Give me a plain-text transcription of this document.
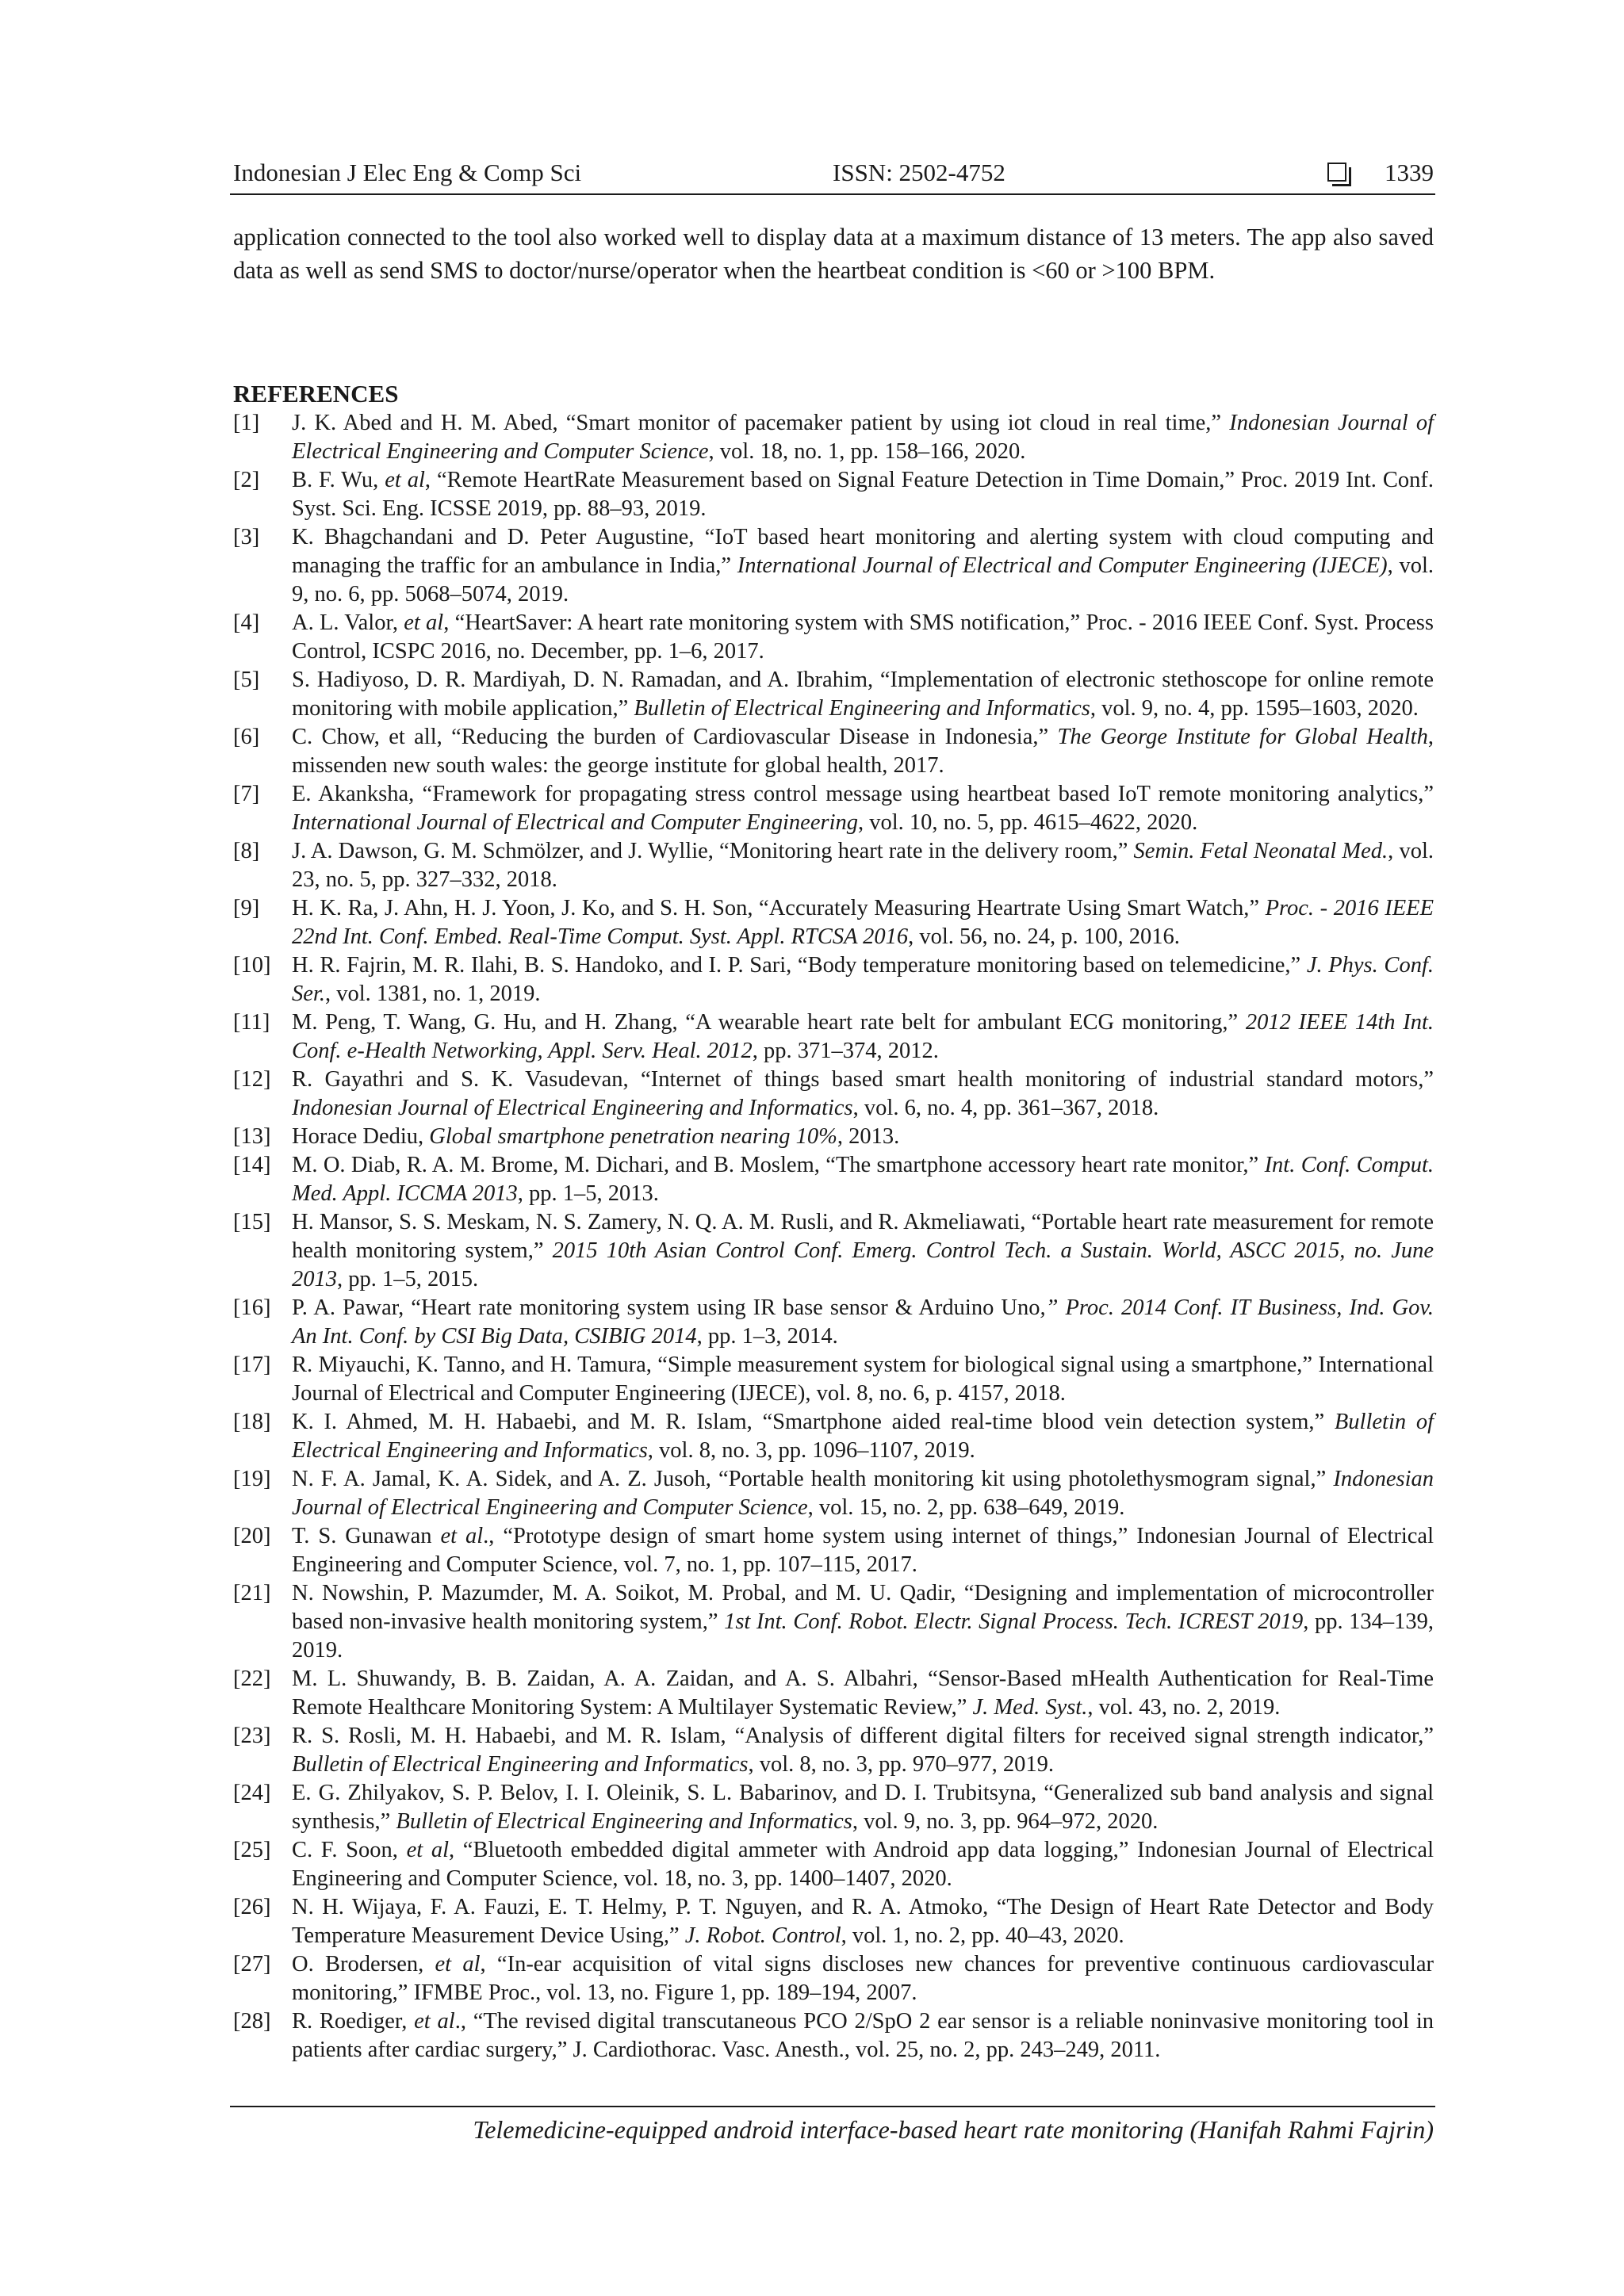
Indonesian J Elec Eng & Comp Sci	ISSN: 2502-4752	1339

application connected to the tool also worked well to display data at a maximum distance of 13 meters. The app also saved data as well as send SMS to doctor/nurse/operator when the heartbeat condition is <60 or >100 BPM.

REFERENCES
[1]	J. K. Abed and H. M. Abed, “Smart monitor of pacemaker patient by using iot cloud in real time,” Indonesian Journal of Electrical Engineering and Computer Science, vol. 18, no. 1, pp. 158–166, 2020.
[2]	B. F. Wu, et al, “Remote HeartRate Measurement based on Signal Feature Detection in Time Domain,” Proc. 2019 Int. Conf. Syst. Sci. Eng. ICSSE 2019, pp. 88–93, 2019.
[3]	K. Bhagchandani and D. Peter Augustine, “IoT based heart monitoring and alerting system with cloud computing and managing the traffic for an ambulance in India,” International Journal of Electrical and Computer Engineering (IJECE), vol. 9, no. 6, pp. 5068–5074, 2019.
[4]	A. L. Valor, et al, “HeartSaver: A heart rate monitoring system with SMS notification,” Proc. - 2016 IEEE Conf. Syst. Process Control, ICSPC 2016, no. December, pp. 1–6, 2017.
[5]	S. Hadiyoso, D. R. Mardiyah, D. N. Ramadan, and A. Ibrahim, “Implementation of electronic stethoscope for online remote monitoring with mobile application,” Bulletin of Electrical Engineering and Informatics, vol. 9, no. 4, pp. 1595–1603, 2020.
[6]	C. Chow, et all, “Reducing the burden of Cardiovascular Disease in Indonesia,” The George Institute for Global Health, missenden new south wales: the george institute for global health, 2017.
[7]	E. Akanksha, “Framework for propagating stress control message using heartbeat based IoT remote monitoring analytics,” International Journal of Electrical and Computer Engineering, vol. 10, no. 5, pp. 4615–4622, 2020.
[8]	J. A. Dawson, G. M. Schmölzer, and J. Wyllie, “Monitoring heart rate in the delivery room,” Semin. Fetal Neonatal Med., vol. 23, no. 5, pp. 327–332, 2018.
[9]	H. K. Ra, J. Ahn, H. J. Yoon, J. Ko, and S. H. Son, “Accurately Measuring Heartrate Using Smart Watch,” Proc. - 2016 IEEE 22nd Int. Conf. Embed. Real-Time Comput. Syst. Appl. RTCSA 2016, vol. 56, no. 24, p. 100, 2016.
[10] H. R. Fajrin, M. R. Ilahi, B. S. Handoko, and I. P. Sari, “Body temperature monitoring based on telemedicine,” J. Phys. Conf. Ser., vol. 1381, no. 1, 2019.
[11] M. Peng, T. Wang, G. Hu, and H. Zhang, “A wearable heart rate belt for ambulant ECG monitoring,” 2012 IEEE 14th Int. Conf. e-Health Networking, Appl. Serv. Heal. 2012, pp. 371–374, 2012.
[12] R. Gayathri and S. K. Vasudevan, “Internet of things based smart health monitoring of industrial standard motors,” Indonesian Journal of Electrical Engineering and Informatics, vol. 6, no. 4, pp. 361–367, 2018.
[13] Horace Dediu, Global smartphone penetration nearing 10%, 2013.
[14] M. O. Diab, R. A. M. Brome, M. Dichari, and B. Moslem, “The smartphone accessory heart rate monitor,” Int. Conf. Comput. Med. Appl. ICCMA 2013, pp. 1–5, 2013.
[15] H. Mansor, S. S. Meskam, N. S. Zamery, N. Q. A. M. Rusli, and R. Akmeliawati, “Portable heart rate measurement for remote health monitoring system,” 2015 10th Asian Control Conf. Emerg. Control Tech. a Sustain. World, ASCC 2015, no. June 2013, pp. 1–5, 2015.
[16] P. A. Pawar, “Heart rate monitoring system using IR base sensor & Arduino Uno,” Proc. 2014 Conf. IT Business, Ind. Gov. An Int. Conf. by CSI Big Data, CSIBIG 2014, pp. 1–3, 2014.
[17] R. Miyauchi, K. Tanno, and H. Tamura, “Simple measurement system for biological signal using a smartphone,” International Journal of Electrical and Computer Engineering (IJECE), vol. 8, no. 6, p. 4157, 2018.
[18] K. I. Ahmed, M. H. Habaebi, and M. R. Islam, “Smartphone aided real-time blood vein detection system,” Bulletin of Electrical Engineering and Informatics, vol. 8, no. 3, pp. 1096–1107, 2019.
[19] N. F. A. Jamal, K. A. Sidek, and A. Z. Jusoh, “Portable health monitoring kit using photolethysmogram signal,” Indonesian Journal of Electrical Engineering and Computer Science, vol. 15, no. 2, pp. 638–649, 2019.
[20] T. S. Gunawan et al., “Prototype design of smart home system using internet of things,” Indonesian Journal of Electrical Engineering and Computer Science, vol. 7, no. 1, pp. 107–115, 2017.
[21] N. Nowshin, P. Mazumder, M. A. Soikot, M. Probal, and M. U. Qadir, “Designing and implementation of microcontroller based non-invasive health monitoring system,” 1st Int. Conf. Robot. Electr. Signal Process. Tech. ICREST 2019, pp. 134–139, 2019.
[22] M. L. Shuwandy, B. B. Zaidan, A. A. Zaidan, and A. S. Albahri, “Sensor-Based mHealth Authentication for Real-Time Remote Healthcare Monitoring System: A Multilayer Systematic Review,” J. Med. Syst., vol. 43, no. 2, 2019.
[23] R. S. Rosli, M. H. Habaebi, and M. R. Islam, “Analysis of different digital filters for received signal strength indicator,” Bulletin of Electrical Engineering and Informatics, vol. 8, no. 3, pp. 970–977, 2019.
[24] E. G. Zhilyakov, S. P. Belov, I. I. Oleinik, S. L. Babarinov, and D. I. Trubitsyna, “Generalized sub band analysis and signal synthesis,” Bulletin of Electrical Engineering and Informatics, vol. 9, no. 3, pp. 964–972, 2020.
[25] C. F. Soon, et al, “Bluetooth embedded digital ammeter with Android app data logging,” Indonesian Journal of Electrical Engineering and Computer Science, vol. 18, no. 3, pp. 1400–1407, 2020.
[26] N. H. Wijaya, F. A. Fauzi, E. T. Helmy, P. T. Nguyen, and R. A. Atmoko, “The Design of Heart Rate Detector and Body Temperature Measurement Device Using,” J. Robot. Control, vol. 1, no. 2, pp. 40–43, 2020.
[27] O. Brodersen, et al, “In-ear acquisition of vital signs discloses new chances for preventive continuous cardiovascular monitoring,” IFMBE Proc., vol. 13, no. Figure 1, pp. 189–194, 2007.
[28] R. Roediger, et al., “The revised digital transcutaneous PCO 2/SpO 2 ear sensor is a reliable noninvasive monitoring tool in patients after cardiac surgery,” J. Cardiothorac. Vasc. Anesth., vol. 25, no. 2, pp. 243–249, 2011.
Telemedicine-equipped android interface-based heart rate monitoring (Hanifah Rahmi Fajrin)
